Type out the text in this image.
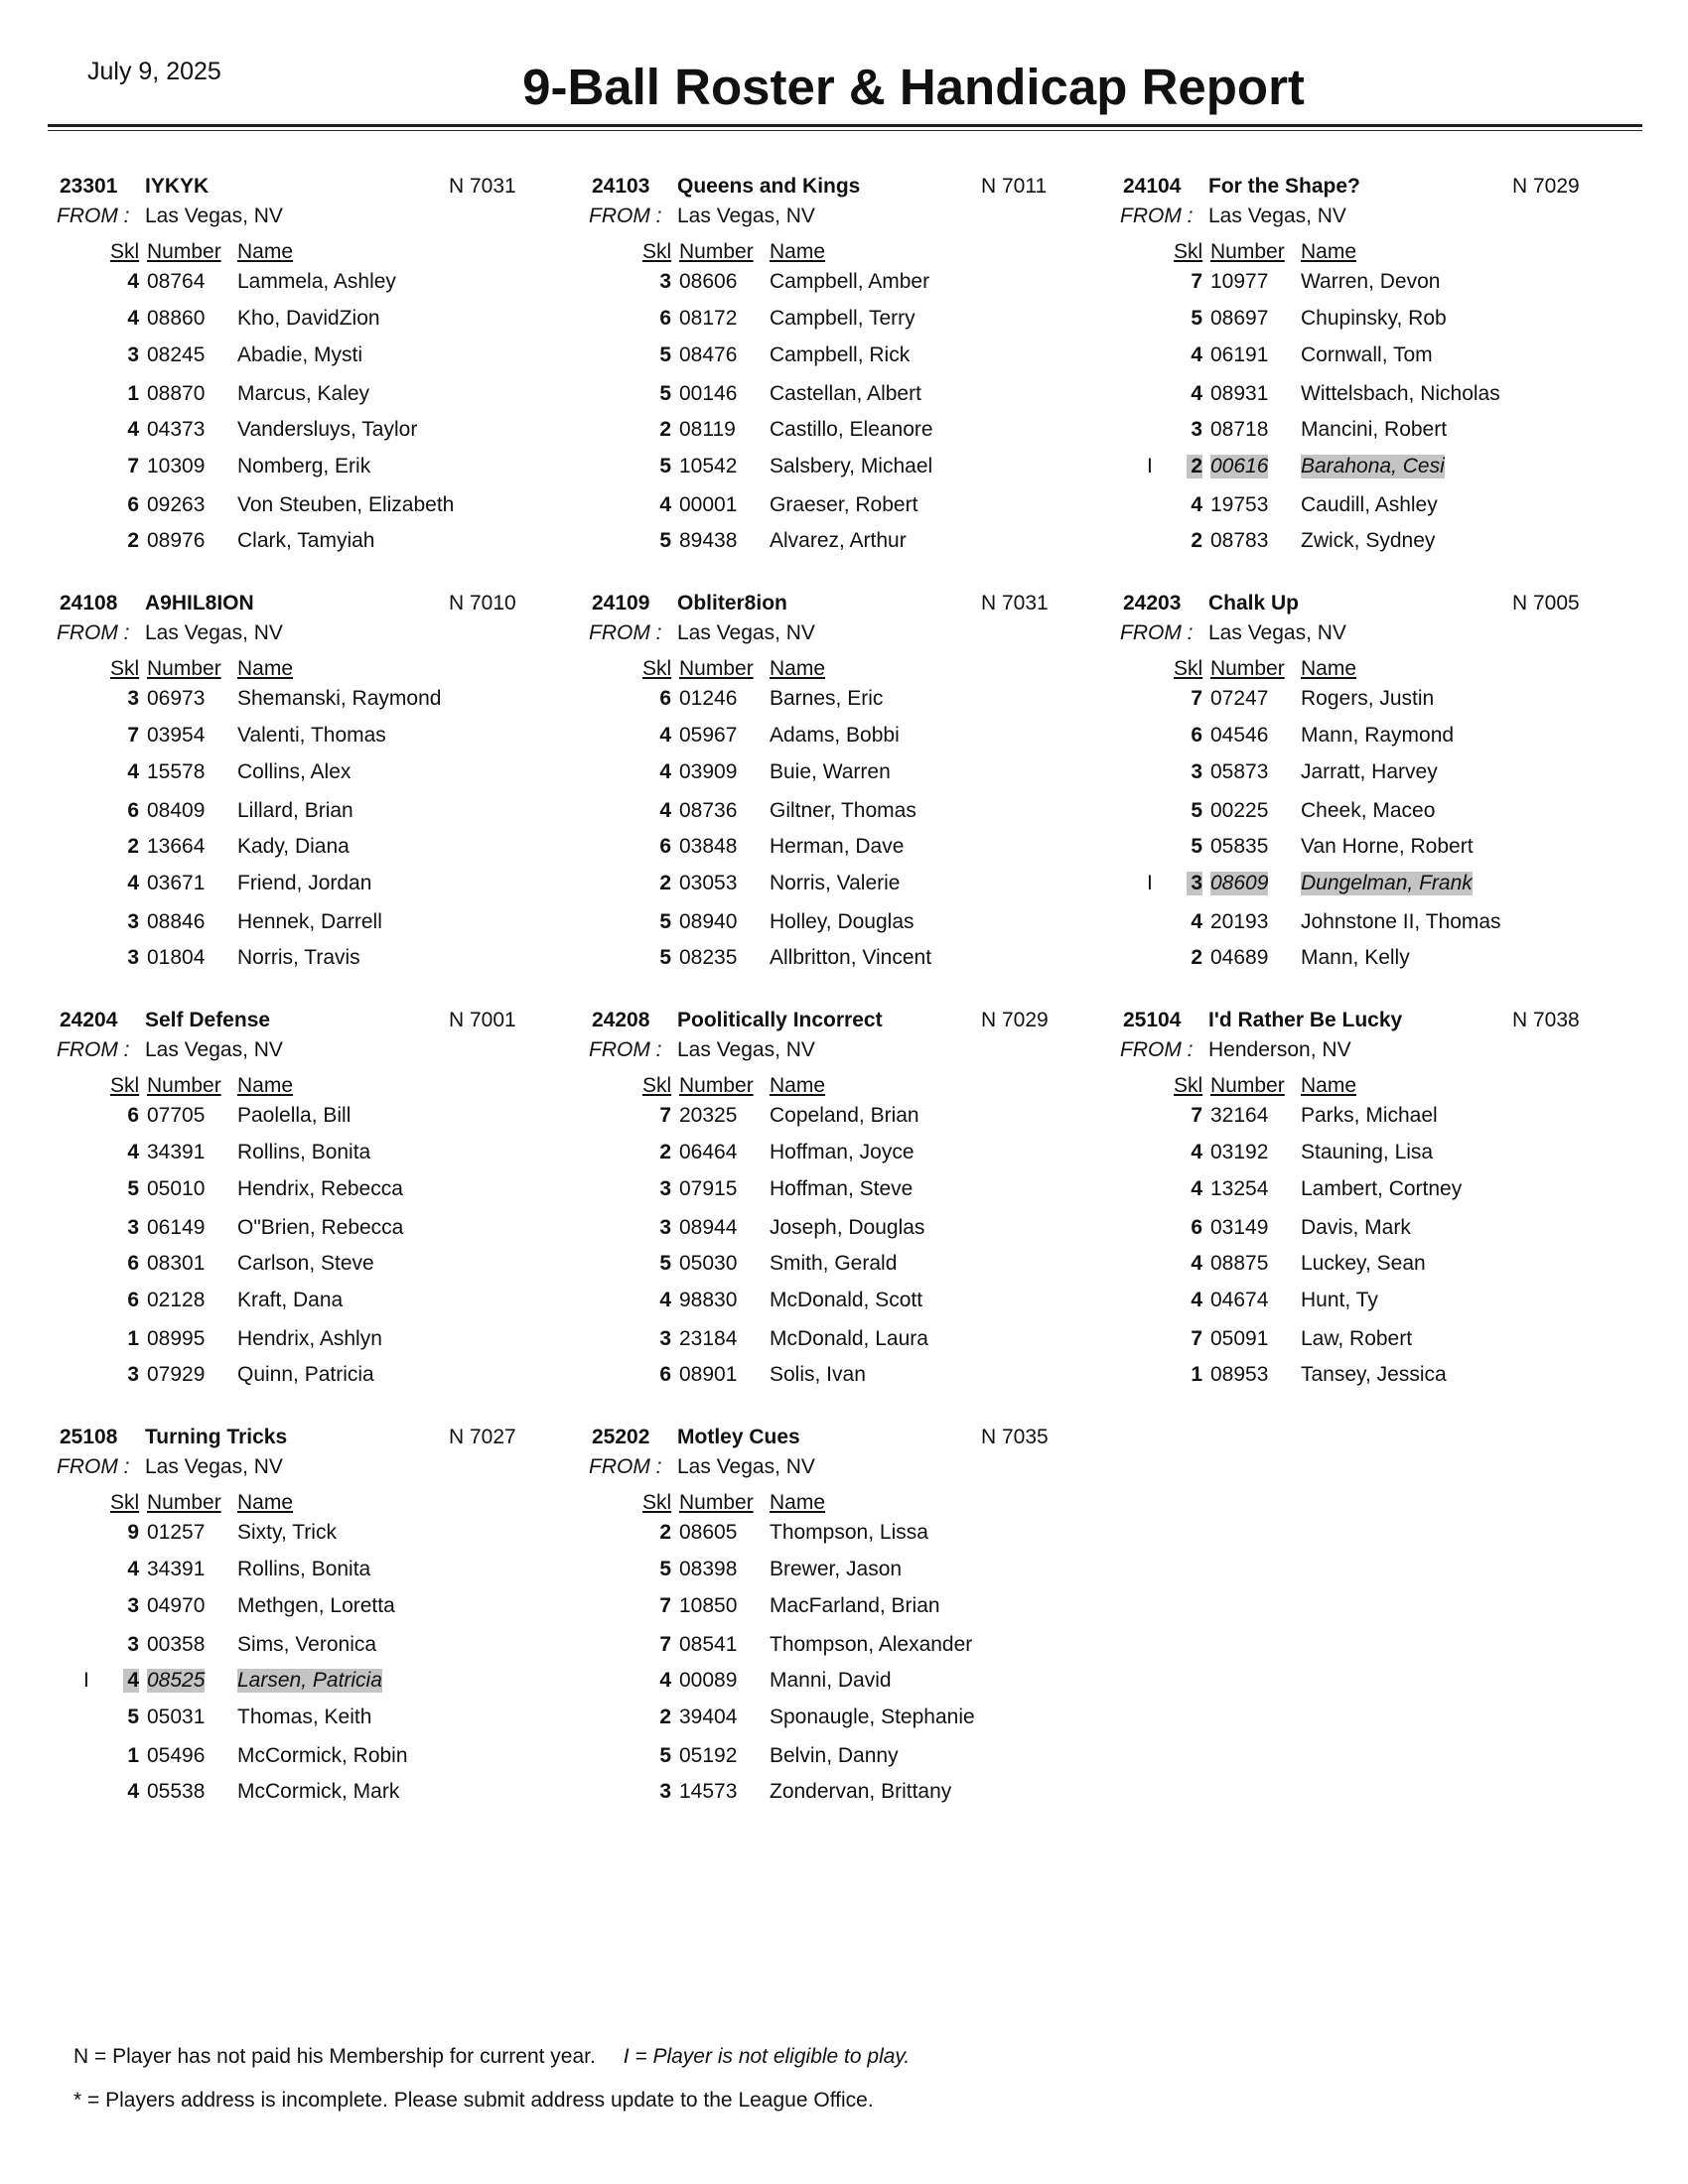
July 9, 2025	9-Ball Roster & Handicap Report
23301 IYKYK	N 7031
FROM : Las Vegas, NV
Skl Number Name
4 08764 Lammela, Ashley
4 08860 Kho, DavidZion
3 08245 Abadie, Mysti
1 08870 Marcus, Kaley
4 04373 Vandersluys, Taylor
7 10309 Nomberg, Erik
6 09263 Von Steuben, Elizabeth
2 08976 Clark, Tamyiah
24103 Queens and Kings	N 7011
FROM : Las Vegas, NV
Skl Number Name
3 08606 Campbell, Amber
6 08172 Campbell, Terry
5 08476 Campbell, Rick
5 00146 Castellan, Albert
2 08119 Castillo, Eleanore
5 10542 Salsbery, Michael
4 00001 Graeser, Robert
5 89438 Alvarez, Arthur
24104 For the Shape?	N 7029
FROM : Las Vegas, NV
Skl Number Name
7 10977 Warren, Devon
5 08697 Chupinsky, Rob
4 06191 Cornwall, Tom
4 08931 Wittelsbach, Nicholas
3 08718 Mancini, Robert
I 2 00616 Barahona, Cesi
4 19753 Caudill, Ashley
2 08783 Zwick, Sydney
24108 A9HIL8ION	N 7010
FROM : Las Vegas, NV
Skl Number Name
3 06973 Shemanski, Raymond
7 03954 Valenti, Thomas
4 15578 Collins, Alex
6 08409 Lillard, Brian
2 13664 Kady, Diana
4 03671 Friend, Jordan
3 08846 Hennek, Darrell
3 01804 Norris, Travis
24109 Obliter8ion	N 7031
FROM : Las Vegas, NV
Skl Number Name
6 01246 Barnes, Eric
4 05967 Adams, Bobbi
4 03909 Buie, Warren
4 08736 Giltner, Thomas
6 03848 Herman, Dave
2 03053 Norris, Valerie
5 08940 Holley, Douglas
5 08235 Allbritton, Vincent
24203 Chalk Up	N 7005
FROM : Las Vegas, NV
Skl Number Name
7 07247 Rogers, Justin
6 04546 Mann, Raymond
3 05873 Jarratt, Harvey
5 00225 Cheek, Maceo
5 05835 Van Horne, Robert
I 3 08609 Dungelman, Frank
4 20193 Johnstone II, Thomas
2 04689 Mann, Kelly
24204 Self Defense	N 7001
FROM : Las Vegas, NV
Skl Number Name
6 07705 Paolella, Bill
4 34391 Rollins, Bonita
5 05010 Hendrix, Rebecca
3 06149 O"Brien, Rebecca
6 08301 Carlson, Steve
6 02128 Kraft, Dana
1 08995 Hendrix, Ashlyn
3 07929 Quinn, Patricia
24208 Poolitically Incorrect	N 7029
FROM : Las Vegas, NV
Skl Number Name
7 20325 Copeland, Brian
2 06464 Hoffman, Joyce
3 07915 Hoffman, Steve
3 08944 Joseph, Douglas
5 05030 Smith, Gerald
4 98830 McDonald, Scott
3 23184 McDonald, Laura
6 08901 Solis, Ivan
25104 I'd Rather Be Lucky	N 7038
FROM : Henderson, NV
Skl Number Name
7 32164 Parks, Michael
4 03192 Stauning, Lisa
4 13254 Lambert, Cortney
6 03149 Davis, Mark
4 08875 Luckey, Sean
4 04674 Hunt, Ty
7 05091 Law, Robert
1 08953 Tansey, Jessica
25108 Turning Tricks	N 7027
FROM : Las Vegas, NV
Skl Number Name
9 01257 Sixty, Trick
4 34391 Rollins, Bonita
3 04970 Methgen, Loretta
3 00358 Sims, Veronica
I 4 08525 Larsen, Patricia
5 05031 Thomas, Keith
1 05496 McCormick, Robin
4 05538 McCormick, Mark
25202 Motley Cues	N 7035
FROM : Las Vegas, NV
Skl Number Name
2 08605 Thompson, Lissa
5 08398 Brewer, Jason
7 10850 MacFarland, Brian
7 08541 Thompson, Alexander
4 00089 Manni, David
2 39404 Sponaugle, Stephanie
5 05192 Belvin, Danny
3 14573 Zondervan, Brittany
N = Player has not paid his Membership for current year. I = Player is not eligible to play.
* = Players address is incomplete. Please submit address update to the League Office.
